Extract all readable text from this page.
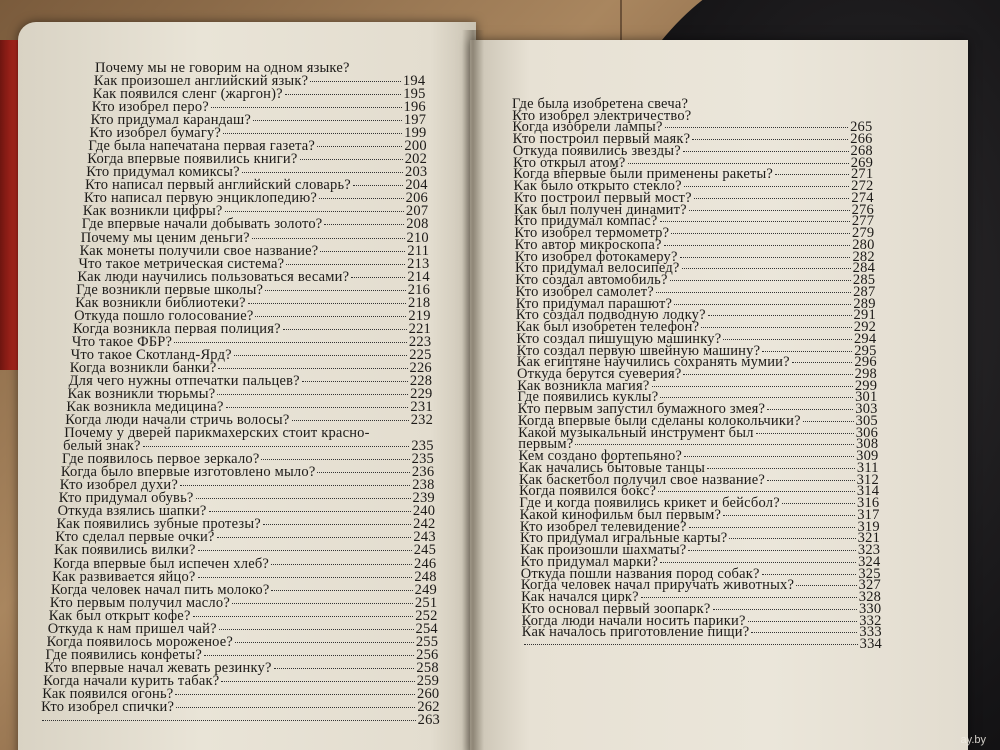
Почему мы не говорим на одном языке?
Как произошел английский язык?	194
Как появился сленг (жаргон)?	195
Кто изобрел перо?	196
Кто придумал карандаш?	197
Кто изобрел бумагу?	199
Где была напечатана первая газета?	200
Когда впервые появились книги?	202
Кто придумал комиксы?	203
Кто написал первый английский словарь?	204
Кто написал первую энциклопедию?	206
Как возникли цифры?	207
Где впервые начали добывать золото?	208
Почему мы ценим деньги?	210
Как монеты получили свое название?	211
Что такое метрическая система?	213
Как люди научились пользоваться весами?	214
Где возникли первые школы?	216
Как возникли библиотеки?	218
Откуда пошло голосование?	219
Когда возникла первая полиция?	221
Что такое ФБР?	223
Что такое Скотланд-Ярд?	225
Когда возникли банки?	226
Для чего нужны отпечатки пальцев?	228
Как возникли тюрьмы?	229
Как возникла медицина?	231
Когда люди начали стричь волосы?	232
Почему у дверей парикмахерских стоит красно-
белый знак?	235
Где появилось первое зеркало?	235
Когда было впервые изготовлено мыло?	236
Кто изобрел духи?	238
Кто придумал обувь?	239
Откуда взялись шапки?	240
Как появились зубные протезы?	242
Кто сделал первые очки?	243
Как появились вилки?	245
Когда впервые был испечен хлеб?	246
Как развивается яйцо?	248
Когда человек начал пить молоко?	249
Кто первым получил масло?	251
Как был открыт кофе?	252
Откуда к нам пришел чай?	254
Когда появилось мороженое?	255
Где появились конфеты?	256
Кто впервые начал жевать резинку?	258
Когда начали курить табак?	259
Как появился огонь?	260
Кто изобрел спички?	262
263
Где была изобретена свеча?
Кто изобрел электричество?
Когда изобрели лампы?	265
Кто построил первый маяк?	266
Откуда появились звезды?	268
Кто открыл атом?	269
Когда впервые были применены ракеты?	271
Как было открыто стекло?	272
Кто построил первый мост?	274
Как был получен динамит?	276
Кто придумал компас?	277
Кто изобрел термометр?	279
Кто автор микроскопа?	280
Кто изобрел фотокамеру?	282
Кто придумал велосипед?	284
Кто создал автомобиль?	285
Кто изобрел самолет?	287
Кто придумал парашют?	289
Кто создал подводную лодку?	291
Как был изобретен телефон?	292
Кто создал пишущую машинку?	294
Кто создал первую швейную машину?	295
Как египтяне научились сохранять мумии?	296
Откуда берутся суеверия?	298
Как возникла магия?	299
Где появились куклы?	301
Кто первым запустил бумажного змея?	303
Когда впервые были сделаны колокольчики?	305
Какой музыкальный инструмент был	306
первым?	308
Кем создано фортепьяно?	309
Как начались бытовые танцы	311
Как баскетбол получил свое название?	312
Когда появился бокс?	314
Где и когда появились крикет и бейсбол?	316
Какой кинофильм был первым?	317
Кто изобрел телевидение?	319
Кто придумал игральные карты?	321
Как произошли шахматы?	323
Кто придумал марки?	324
Откуда пошли названия пород собак?	325
Когда человек начал приручать животных?	327
Как начался цирк?	328
Кто основал первый зоопарк?	330
Когда люди начали носить парики?	332
Как началось приготовление пищи?	333
334
ay.by
